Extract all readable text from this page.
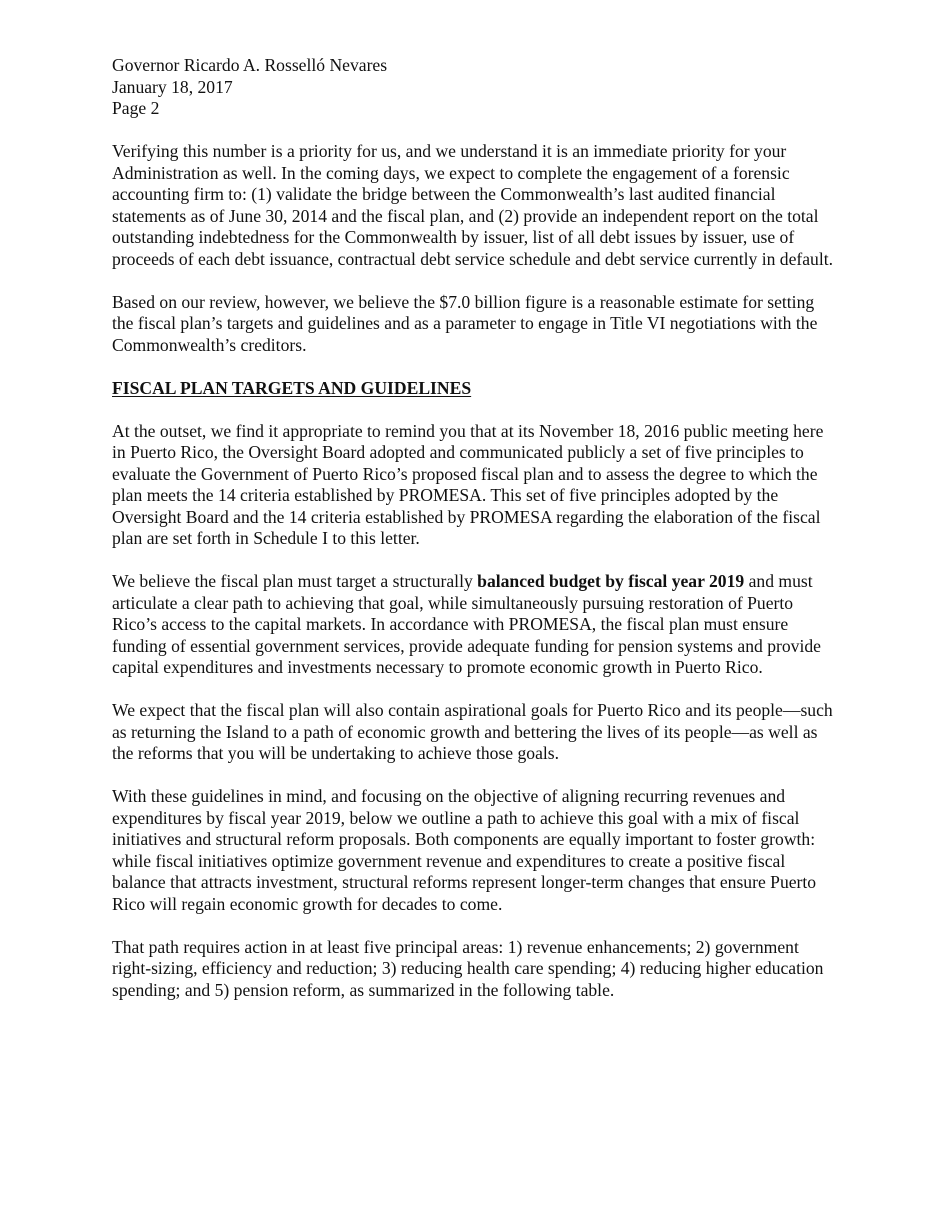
Governor Ricardo A. Rosselló Nevares

January 18, 2017

Page 2

Verifying this number is a priority for us, and we understand it is an immediate priority for your Administration as well. In the coming days, we expect to complete the engagement of a forensic accounting firm to: (1) validate the bridge between the Commonwealth’s last audited financial statements as of June 30, 2014 and the fiscal plan, and (2) provide an independent report on the total outstanding indebtedness for the Commonwealth by issuer, list of all debt issues by issuer, use of proceeds of each debt issuance, contractual debt service schedule and debt service currently in default.

Based on our review, however, we believe the $7.0 billion figure is a reasonable estimate for setting the fiscal plan’s targets and guidelines and as a parameter to engage in Title VI negotiations with the Commonwealth’s creditors.

FISCAL PLAN TARGETS AND GUIDELINES

At the outset, we find it appropriate to remind you that at its November 18, 2016 public meeting here in Puerto Rico, the Oversight Board adopted and communicated publicly a set of five principles to evaluate the Government of Puerto Rico’s proposed fiscal plan and to assess the degree to which the plan meets the 14 criteria established by PROMESA. This set of five principles adopted by the Oversight Board and the 14 criteria established by PROMESA regarding the elaboration of the fiscal plan are set forth in Schedule I to this letter.

We believe the fiscal plan must target a structurally balanced budget by fiscal year 2019 and must articulate a clear path to achieving that goal, while simultaneously pursuing restoration of Puerto Rico’s access to the capital markets. In accordance with PROMESA, the fiscal plan must ensure funding of essential government services, provide adequate funding for pension systems and provide capital expenditures and investments necessary to promote economic growth in Puerto Rico.

We expect that the fiscal plan will also contain aspirational goals for Puerto Rico and its people—such as returning the Island to a path of economic growth and bettering the lives of its people—as well as the reforms that you will be undertaking to achieve those goals.

With these guidelines in mind, and focusing on the objective of aligning recurring revenues and expenditures by fiscal year 2019, below we outline a path to achieve this goal with a mix of fiscal initiatives and structural reform proposals. Both components are equally important to foster growth: while fiscal initiatives optimize government revenue and expenditures to create a positive fiscal balance that attracts investment, structural reforms represent longer-term changes that ensure Puerto Rico will regain economic growth for decades to come.

That path requires action in at least five principal areas: 1) revenue enhancements; 2) government right-sizing, efficiency and reduction; 3) reducing health care spending; 4) reducing higher education spending; and 5) pension reform, as summarized in the following table.
